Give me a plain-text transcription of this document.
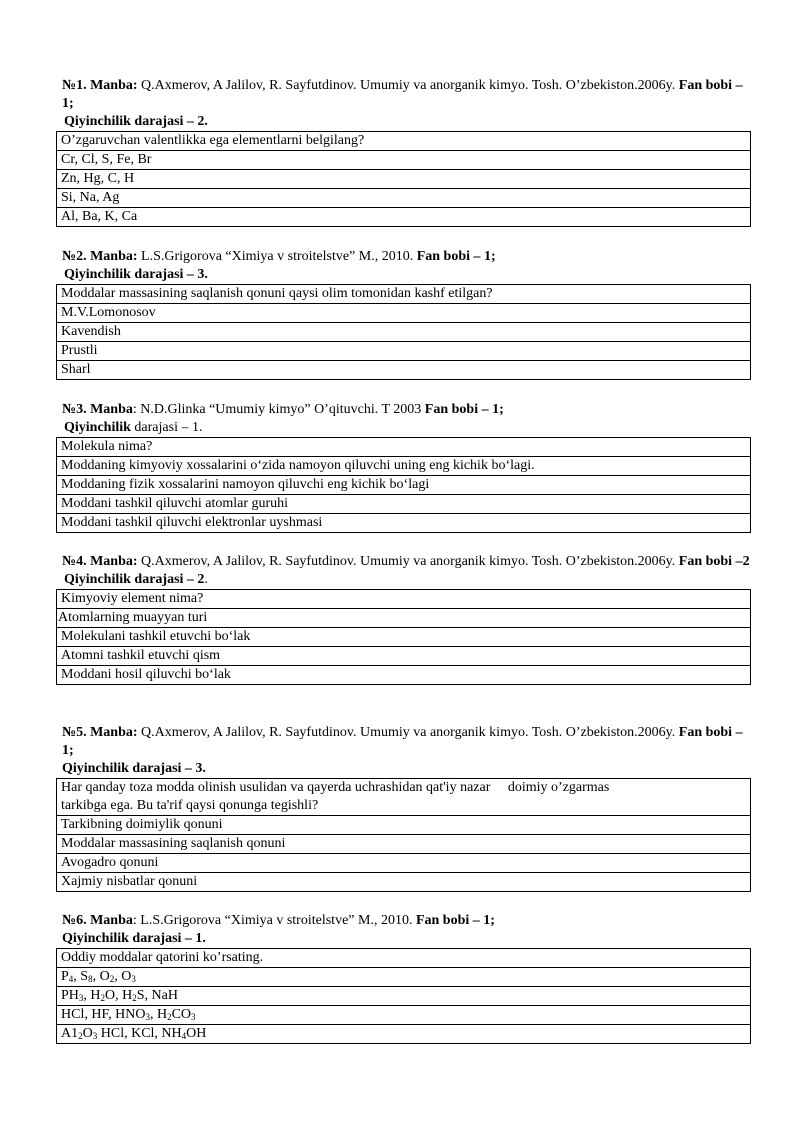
№1. Manba: Q.Axmerov, A Jalilov, R. Sayfutdinov. Umumiy va anorganik kimyo. Tosh. O’zbekiston.2006y. Fan bobi – 1;
Qiyinchilik darajasi – 2.
O’zgaruvchan valentlikka ega elementlarni belgilang?
Cr, Cl, S, Fe, Br
Zn, Hg, C, H
Si, Na, Ag
Al, Ba, K, Ca
№2. Manba: L.S.Grigorova “Ximiya v stroitelstve” M., 2010. Fan bobi – 1;
Qiyinchilik darajasi – 3.
Moddalar massasining saqlanish qonuni qaysi olim tomonidan kashf etilgan?
M.V.Lomonosov
Kavendish
Prustli
Sharl
№3. Manba: N.D.Glinka “Umumiy kimyo” O’qituvchi. T 2003 Fan bobi – 1;
Qiyinchilik darajasi – 1.
Molekula nima?
Moddaning kimyoviy xossalarini o‘zida namoyon qiluvchi uning eng kichik bo‘lagi.
Moddaning fizik xossalarini namoyon qiluvchi eng kichik bo‘lagi
Moddani tashkil qiluvchi atomlar guruhi
Moddani tashkil qiluvchi elektronlar uyshmasi
№4. Manba: Q.Axmerov, A Jalilov, R. Sayfutdinov. Umumiy va anorganik kimyo. Tosh. O’zbekiston.2006y. Fan bobi –2
Qiyinchilik darajasi – 2.
Kimyoviy element nima?
Atomlarning muayyan turi
Molekulani tashkil etuvchi bo‘lak
Atomni tashkil etuvchi qism
Moddani hosil qiluvchi bo‘lak
№5. Manba: Q.Axmerov, A Jalilov, R. Sayfutdinov. Umumiy va anorganik kimyo. Tosh. O’zbekiston.2006y. Fan bobi – 1;
Qiyinchilik darajasi – 3.
Har qanday toza modda olinish usulidan va qayerda uchrashidan qat'iy nazar     doimiy o’zgarmas
tarkibga ega. Bu ta'rif qaysi qonunga tegishli?
Tarkibning doimiylik qonuni
Moddalar massasining saqlanish qonuni
Avogadro qonuni
Xajmiy nisbatlar qonuni
№6. Manba: L.S.Grigorova “Ximiya v stroitelstve” M., 2010. Fan bobi – 1;
Qiyinchilik darajasi – 1.
Oddiy moddalar qatorini ko’rsating.
$P_4$, $S_8$, $O_2$, $O_3$
$PH_3$, $H_2O$, $H_2S$, NaH
HCl, HF, $HNO_3$, $H_2CO_3$
$A1_2O_3$ HCl, KCl, $NH_4OH$
